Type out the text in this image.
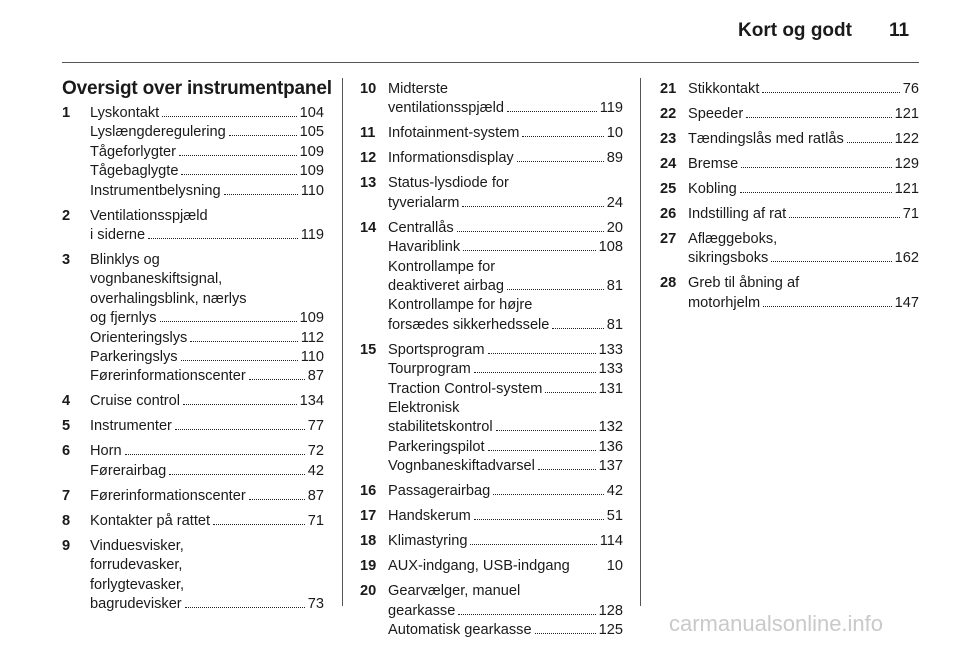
Kort og godt 11
Oversigt over instrumentpanel
1 Lyskontakt	104
Lyslængderegulering	105
Tågeforlygter	109
Tågebaglygte	109
Instrumentbelysning	110
2 Ventilationsspjæld
i siderne	119
3 Blinklys og
vognbaneskiftsignal,
overhalingsblink, nærlys
og fjernlys	109
Orienteringslys	112
Parkeringslys	110
Førerinformationscenter	87
4 Cruise control	134
5 Instrumenter	77
6 Horn	72
Førerairbag	42
7 Førerinformationscenter	87
8 Kontakter på rattet	71
9 Vinduesvisker,
forrudevasker,
forlygtevasker,
bagrudevisker	73
10 Midterste
ventilationsspjæld	119
11 Infotainment-system	10
12 Informationsdisplay	89
13 Status-lysdiode for
tyverialarm	24
14 Centrallås	20
Havariblink	108
Kontrollampe for
deaktiveret airbag	81
Kontrollampe for højre
forsædes sikkerhedssele	81
15 Sportsprogram	133
Tourprogram	133
Traction Control-system	131
Elektronisk
stabilitetskontrol	132
Parkeringspilot	136
Vognbaneskiftadvarsel	137
16 Passagerairbag	42
17 Handskerum	51
18 Klimastyring	114
19 AUX-indgang, USB-indgang	10
20 Gearvælger, manuel
gearkasse	128
Automatisk gearkasse	125
21 Stikkontakt	76
22 Speeder	121
23 Tændingslås med ratlås	122
24 Bremse	129
25 Kobling	121
26 Indstilling af rat	71
27 Aflæggeboks,
sikringsboks	162
28 Greb til åbning af
motorhjelm	147
carmanualsonline.info
